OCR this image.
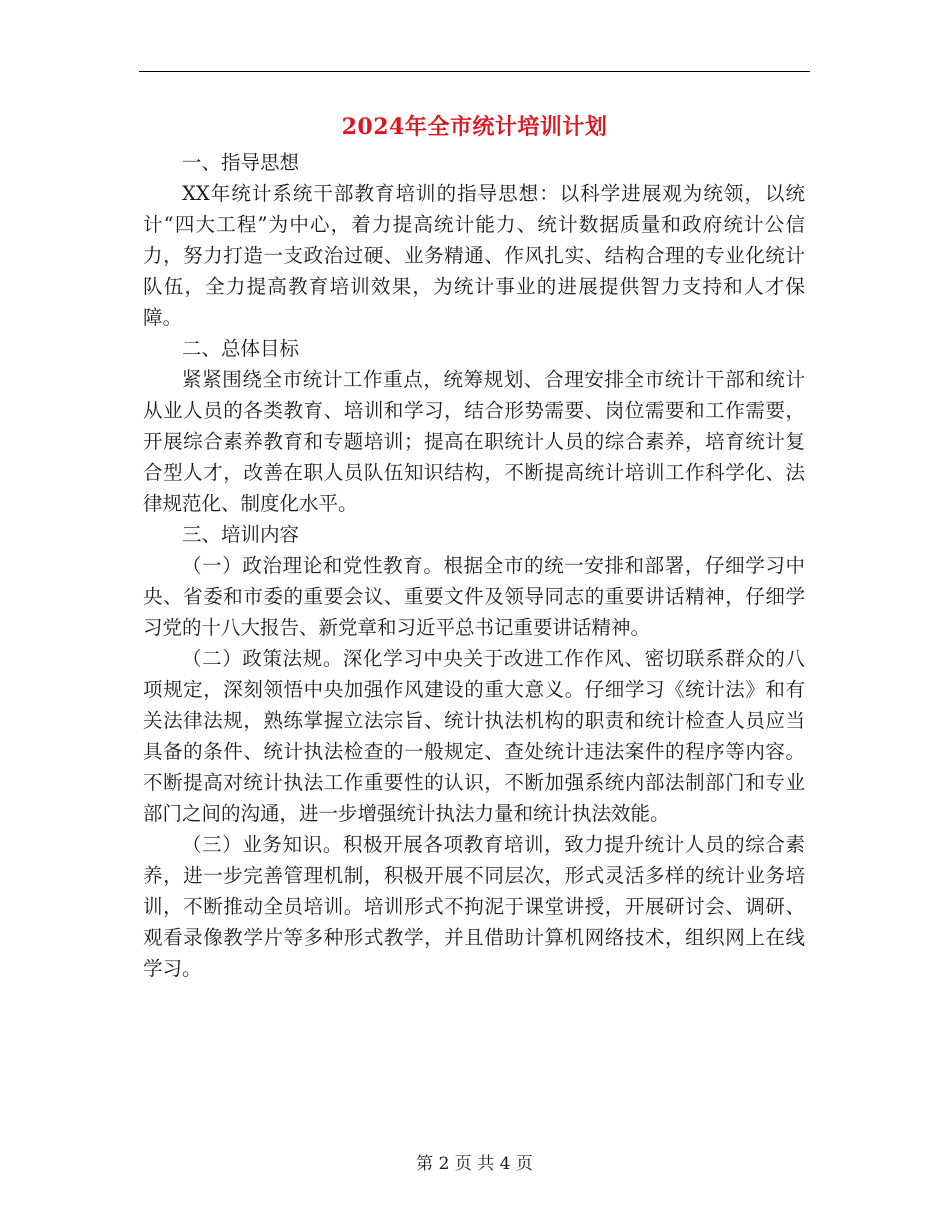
2024年全市统计培训计划

一、指导思想

XX年统计系统干部教育培训的指导思想：以科学进展观为统领，以统计“四大工程”为中心，着力提高统计能力、统计数据质量和政府统计公信力，努力打造一支政治过硬、业务精通、作风扎实、结构合理的专业化统计队伍，全力提高教育培训效果，为统计事业的进展提供智力支持和人才保障。

二、总体目标

紧紧围绕全市统计工作重点，统筹规划、合理安排全市统计干部和统计从业人员的各类教育、培训和学习，结合形势需要、岗位需要和工作需要，开展综合素养教育和专题培训；提高在职统计人员的综合素养，培育统计复合型人才，改善在职人员队伍知识结构，不断提高统计培训工作科学化、法律规范化、制度化水平。

三、培训内容

（一）政治理论和党性教育。根据全市的统一安排和部署，仔细学习中央、省委和市委的重要会议、重要文件及领导同志的重要讲话精神，仔细学习党的十八大报告、新党章和习近平总书记重要讲话精神。

（二）政策法规。深化学习中央关于改进工作作风、密切联系群众的八项规定，深刻领悟中央加强作风建设的重大意义。仔细学习《统计法》和有关法律法规，熟练掌握立法宗旨、统计执法机构的职责和统计检查人员应当具备的条件、统计执法检查的一般规定、查处统计违法案件的程序等内容。不断提高对统计执法工作重要性的认识，不断加强系统内部法制部门和专业部门之间的沟通，进一步增强统计执法力量和统计执法效能。

（三）业务知识。积极开展各项教育培训，致力提升统计人员的综合素养，进一步完善管理机制，积极开展不同层次，形式灵活多样的统计业务培训，不断推动全员培训。培训形式不拘泥于课堂讲授，开展研讨会、调研、观看录像教学片等多种形式教学，并且借助计算机网络技术，组织网上在线学习。

第 2 页 共 4 页
